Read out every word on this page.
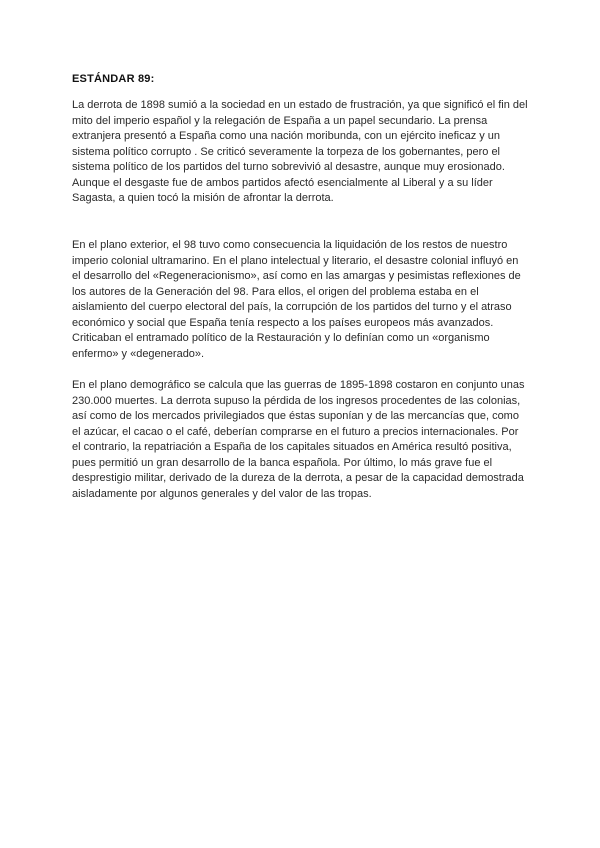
ESTÁNDAR 89:

La derrota de 1898 sumió a la sociedad en un estado de frustración, ya que significó el fin del mito del imperio español y la relegación de España a un papel secundario. La prensa extranjera presentó a España como una nación moribunda, con un ejército ineficaz y un sistema político corrupto . Se criticó severamente la torpeza de los gobernantes, pero el sistema político de los partidos del turno sobrevivió al desastre, aunque muy erosionado. Aunque el desgaste fue de ambos partidos afectó esencialmente al Liberal y a su líder Sagasta, a quien tocó la misión de afrontar la derrota.

En el plano exterior, el 98 tuvo como consecuencia la liquidación de los restos de nuestro imperio colonial ultramarino. En el plano intelectual y literario, el desastre colonial influyó en el desarrollo del «Regeneracionismo», así como en las amargas y pesimistas reflexiones de los autores de la Generación del 98. Para ellos, el origen del problema estaba en el aislamiento del cuerpo electoral del país, la corrupción de los partidos del turno y el atraso económico y social que España tenía respecto a los países europeos más avanzados. Criticaban el entramado político de la Restauración y lo definían como un «organismo enfermo» y «degenerado».

En el plano demográfico se calcula que las guerras de 1895-1898 costaron en conjunto unas 230.000 muertes. La derrota supuso la pérdida de los ingresos procedentes de las colonias, así como de los mercados privilegiados que éstas suponían y de las mercancías que, como el azúcar, el cacao o el café, deberían comprarse en el futuro a precios internacionales. Por el contrario, la repatriación a España de los capitales situados en América resultó positiva, pues permitió un gran desarrollo de la banca española. Por último, lo más grave fue el desprestigio militar, derivado de la dureza de la derrota, a pesar de la capacidad demostrada aisladamente por algunos generales y del valor de las tropas.
